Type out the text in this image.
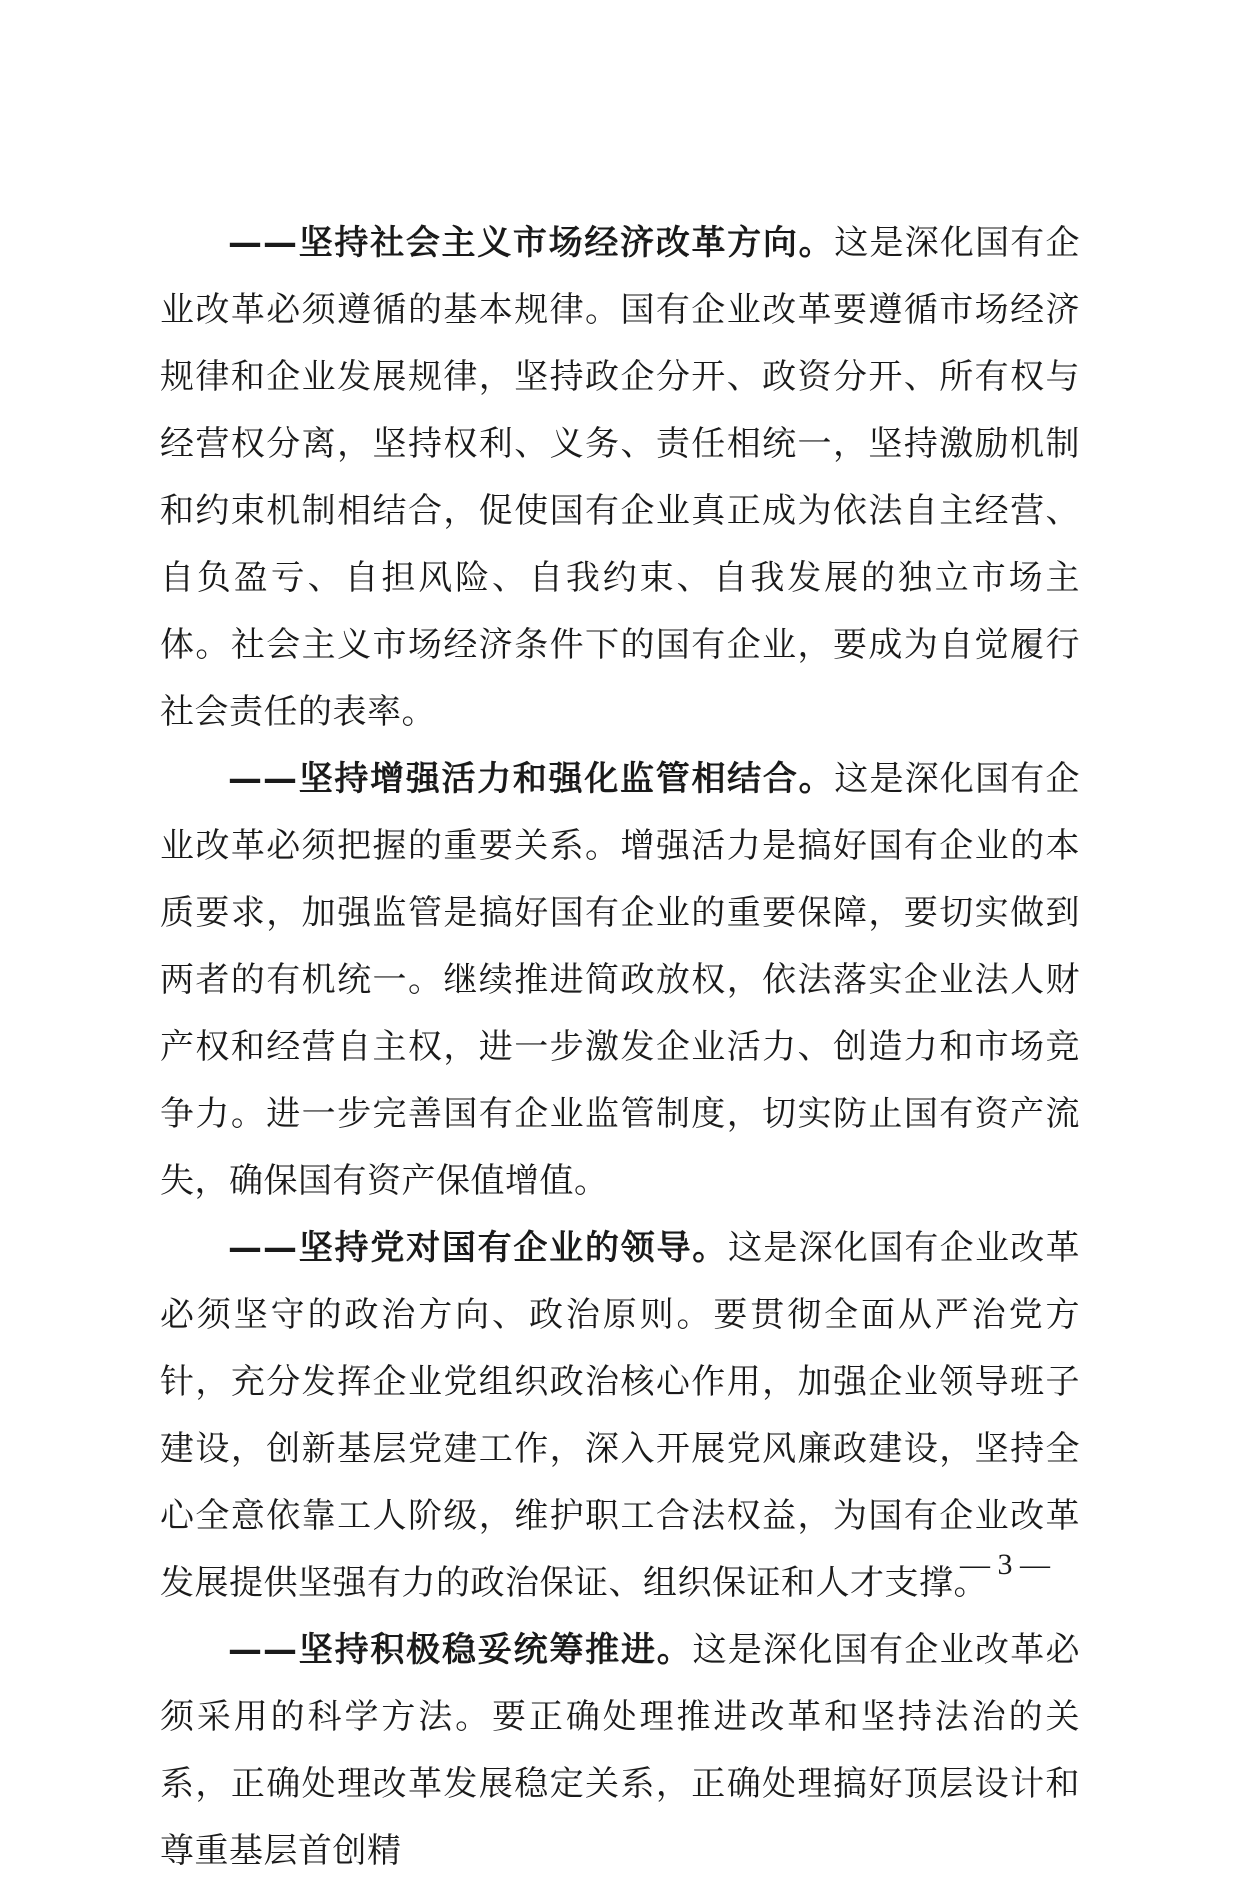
——坚持社会主义市场经济改革方向。这是深化国有企业改革必须遵循的基本规律。国有企业改革要遵循市场经济规律和企业发展规律，坚持政企分开、政资分开、所有权与经营权分离，坚持权利、义务、责任相统一，坚持激励机制和约束机制相结合，促使国有企业真正成为依法自主经营、自负盈亏、自担风险、自我约束、自我发展的独立市场主体。社会主义市场经济条件下的国有企业，要成为自觉履行社会责任的表率。

——坚持增强活力和强化监管相结合。这是深化国有企业改革必须把握的重要关系。增强活力是搞好国有企业的本质要求，加强监管是搞好国有企业的重要保障，要切实做到两者的有机统一。继续推进简政放权，依法落实企业法人财产权和经营自主权，进一步激发企业活力、创造力和市场竞争力。进一步完善国有企业监管制度，切实防止国有资产流失，确保国有资产保值增值。

——坚持党对国有企业的领导。这是深化国有企业改革必须坚守的政治方向、政治原则。要贯彻全面从严治党方针，充分发挥企业党组织政治核心作用，加强企业领导班子建设，创新基层党建工作，深入开展党风廉政建设，坚持全心全意依靠工人阶级，维护职工合法权益，为国有企业改革发展提供坚强有力的政治保证、组织保证和人才支撑。

——坚持积极稳妥统筹推进。这是深化国有企业改革必须采用的科学方法。要正确处理推进改革和坚持法治的关系，正确处理改革发展稳定关系，正确处理搞好顶层设计和尊重基层首创精

— 3 —
